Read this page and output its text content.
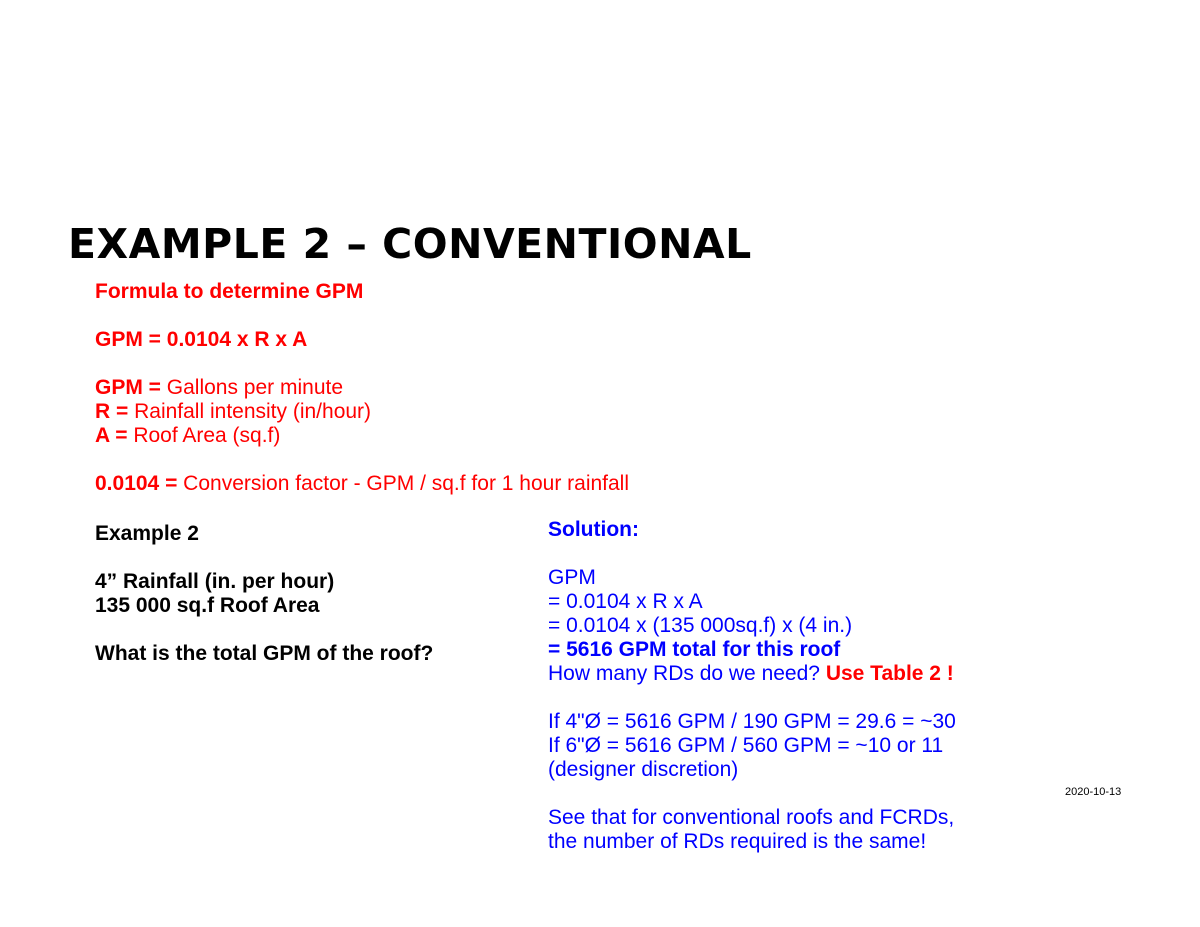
EXAMPLE 2 – CONVENTIONAL
Formula to determine GPM
GPM = 0.0104 x R x A
GPM = Gallons per minute
R = Rainfall intensity (in/hour)
A = Roof Area (sq.f)
0.0104 = Conversion factor - GPM / sq.f for 1 hour rainfall
Example 2
4” Rainfall (in. per hour)
135 000 sq.f Roof Area
What is the total GPM of the roof?
Solution:
GPM
= 0.0104 x R x A
= 0.0104 x (135 000sq.f) x (4 in.)
= 5616 GPM total for this roof
How many RDs do we need? Use Table 2 !
If 4"Ø = 5616 GPM / 190 GPM = 29.6 = ~30
If 6"Ø = 5616 GPM / 560 GPM = ~10 or 11
(designer discretion)
See that for conventional roofs and FCRDs,
the number of RDs required is the same!
2020-10-13
